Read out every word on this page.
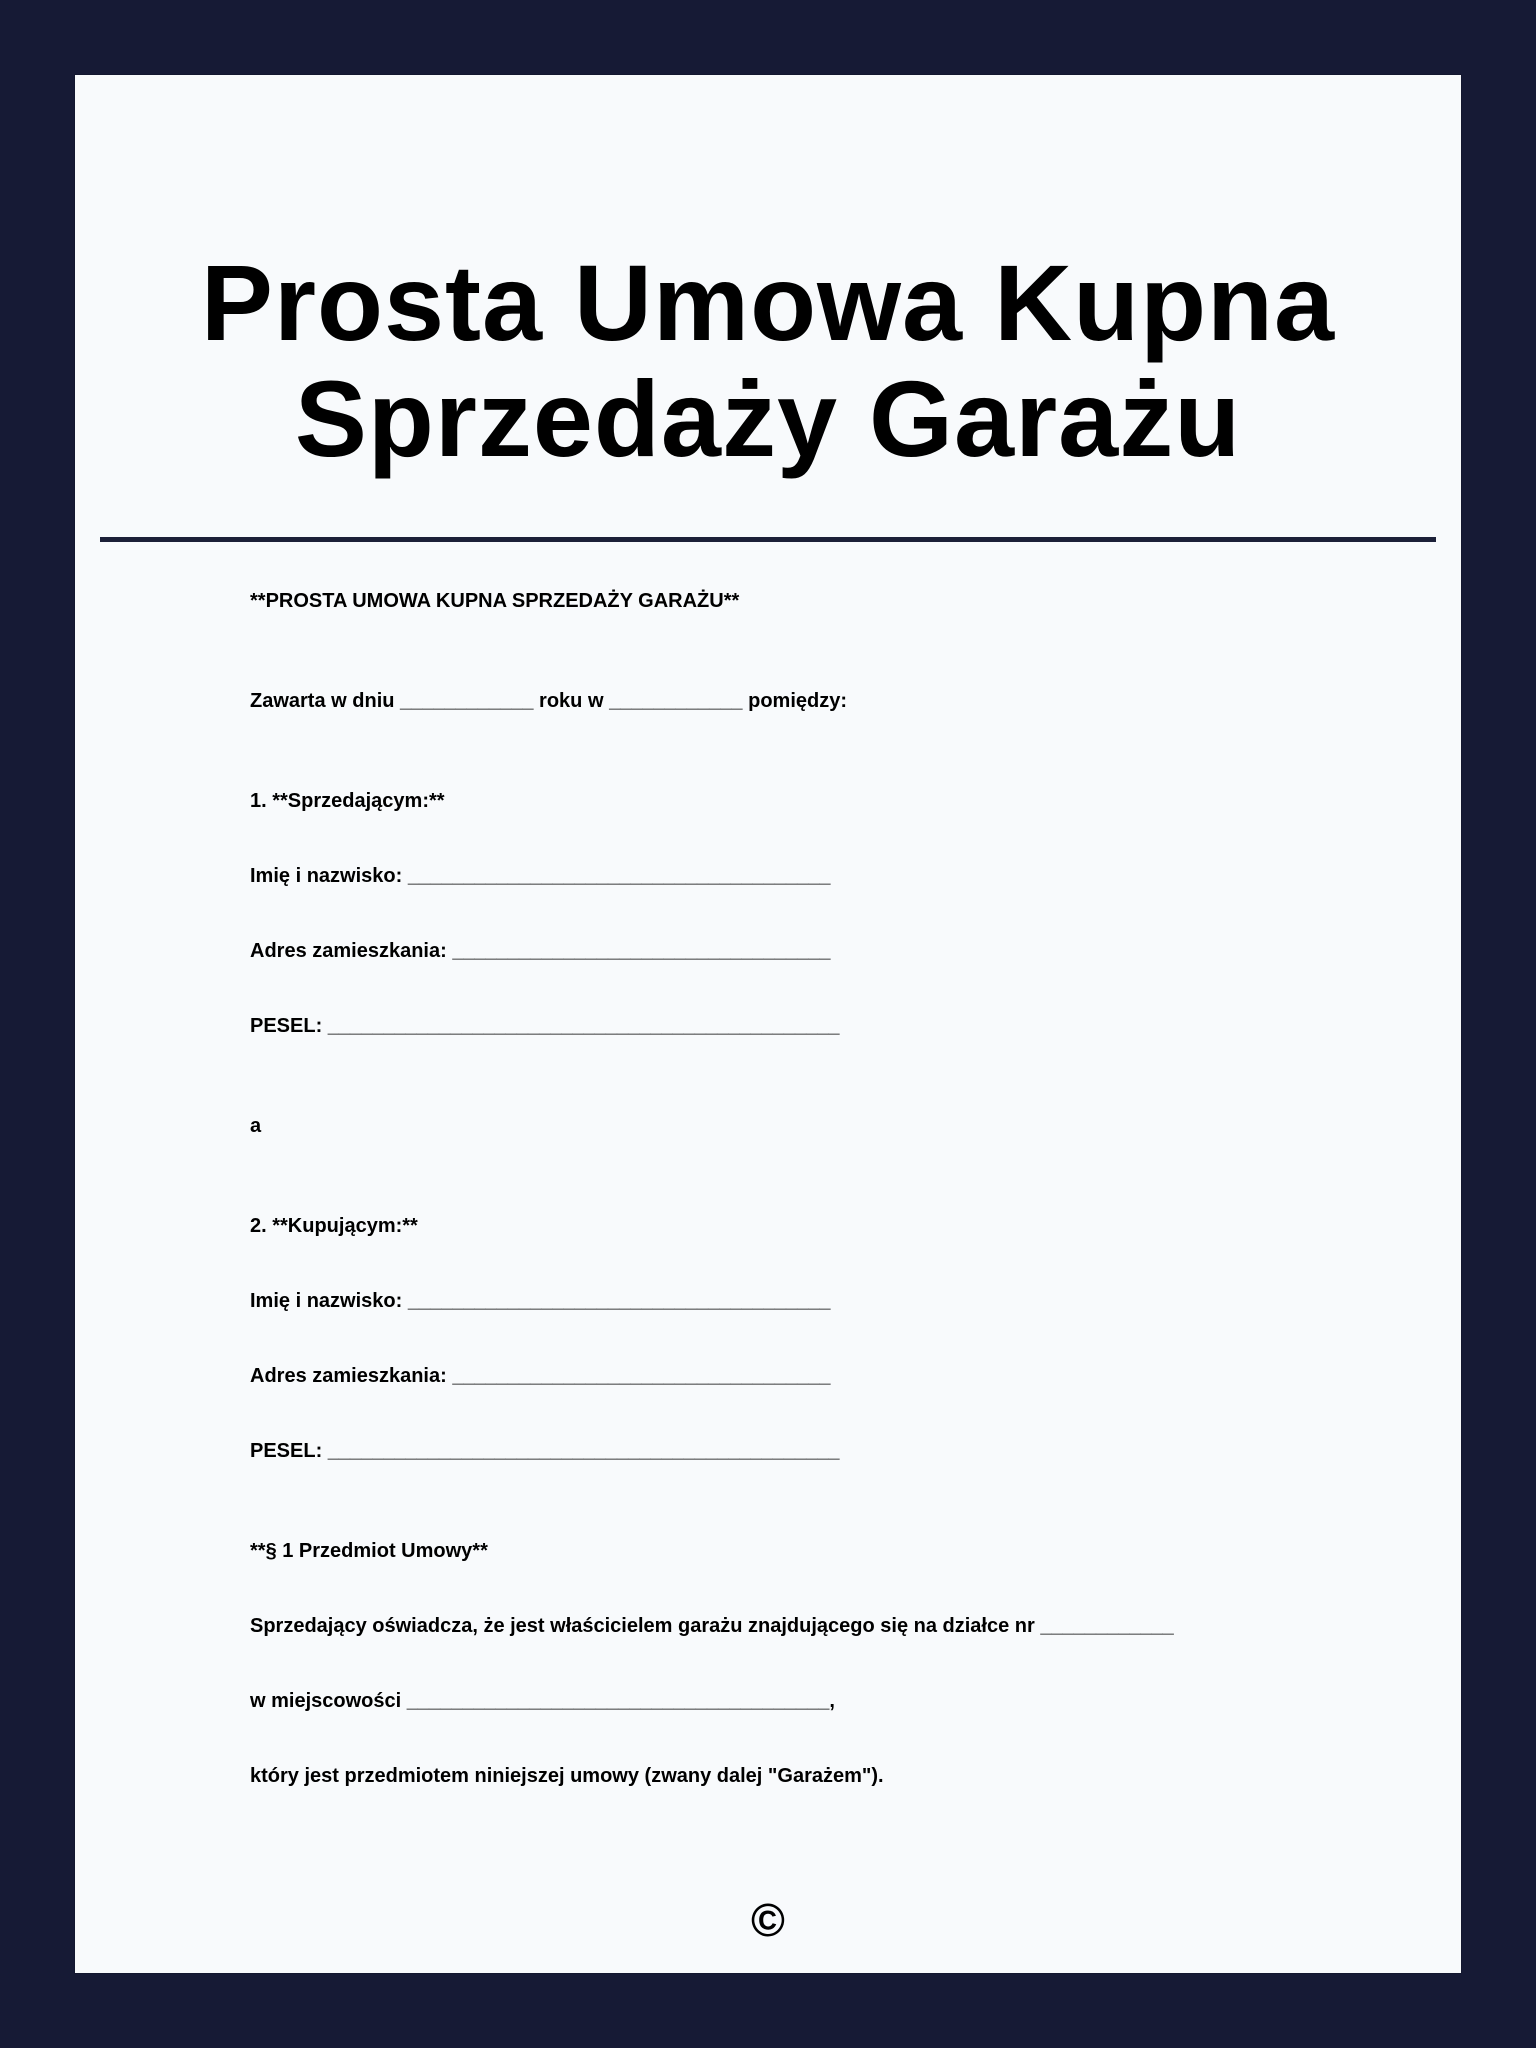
Prosta Umowa Kupna
Sprzedaży Garażu

**PROSTA UMOWA KUPNA SPRZEDAŻY GARAŻU**

Zawarta w dniu ____________ roku w ____________ pomiędzy:

1. **Sprzedającym:**

Imię i nazwisko: ______________________________________

Adres zamieszkania: __________________________________

PESEL: ______________________________________________

a

2. **Kupującym:**

Imię i nazwisko: ______________________________________

Adres zamieszkania: __________________________________

PESEL: ______________________________________________

**§ 1 Przedmiot Umowy**

Sprzedający oświadcza, że jest właścicielem garażu znajdującego się na działce nr ____________

w miejscowości ______________________________________,

który jest przedmiotem niniejszej umowy (zwany dalej "Garażem").

©
